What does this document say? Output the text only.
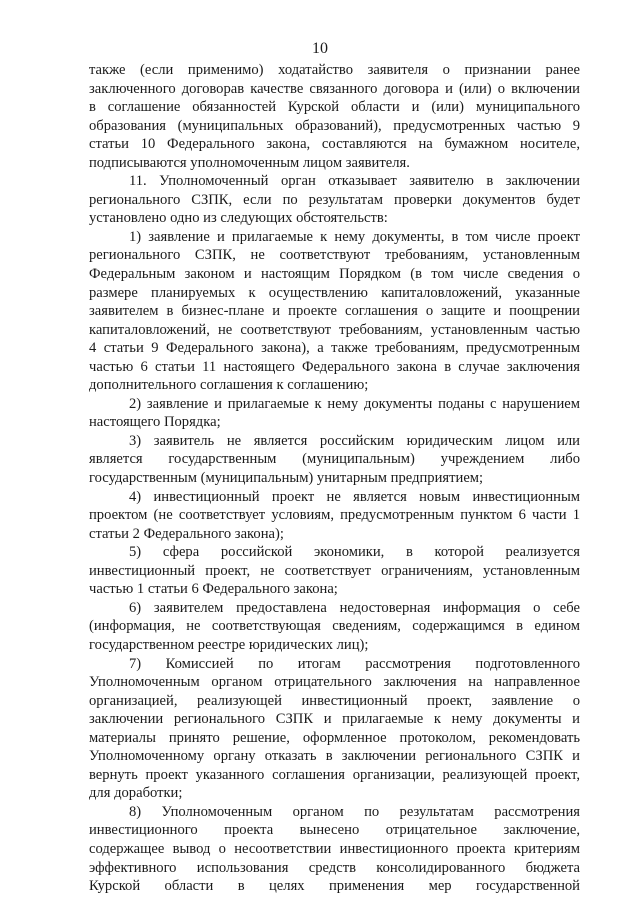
10
также (если применимо) ходатайство заявителя о признании ранее
заключенного договорав качестве связанного договора и (или) о включении
в соглашение обязанностей Курской области и (или) муниципального
образования (муниципальных образований), предусмотренных частью 9
статьи 10 Федерального закона, составляются на бумажном носителе,
подписываются уполномоченным лицом заявителя.
11. Уполномоченный орган отказывает заявителю в заключении
регионального СЗПК, если по результатам проверки документов будет
установлено одно из следующих обстоятельств:
1) заявление и прилагаемые к нему документы, в том числе проект
регионального СЗПК, не соответствуют требованиям, установленным
Федеральным законом и настоящим Порядком (в том числе сведения о
размере планируемых к осуществлению капиталовложений, указанные
заявителем в бизнес-плане и проекте соглашения о защите и поощрении
капиталовложений, не соответствуют требованиям, установленным частью
4 статьи 9 Федерального закона), а также требованиям, предусмотренным
частью 6 статьи 11 настоящего Федерального закона в случае заключения
дополнительного соглашения к соглашению;
2) заявление и прилагаемые к нему документы поданы с нарушением
настоящего Порядка;
3) заявитель не является российским юридическим лицом или
является государственным (муниципальным) учреждением либо
государственным (муниципальным) унитарным предприятием;
4) инвестиционный проект не является новым инвестиционным
проектом (не соответствует условиям, предусмотренным пунктом 6 части 1
статьи 2 Федерального закона);
5) сфера российской экономики, в которой реализуется
инвестиционный проект, не соответствует ограничениям, установленным
частью 1 статьи 6 Федерального закона;
6) заявителем предоставлена недостоверная информация о себе
(информация, не соответствующая сведениям, содержащимся в едином
государственном реестре юридических лиц);
7) Комиссией по итогам рассмотрения подготовленного
Уполномоченным органом отрицательного заключения на направленное
организацией, реализующей инвестиционный проект, заявление о
заключении регионального СЗПК и прилагаемые к нему документы и
материалы принято решение, оформленное протоколом, рекомендовать
Уполномоченному органу отказать в заключении регионального СЗПК и
вернуть проект указанного соглашения организации, реализующей проект,
для доработки;
8) Уполномоченным органом по результатам рассмотрения
инвестиционного проекта вынесено отрицательное заключение,
содержащее вывод о несоответствии инвестиционного проекта критериям
эффективного использования средств консолидированного бюджета
Курской области в целях применения мер государственной
